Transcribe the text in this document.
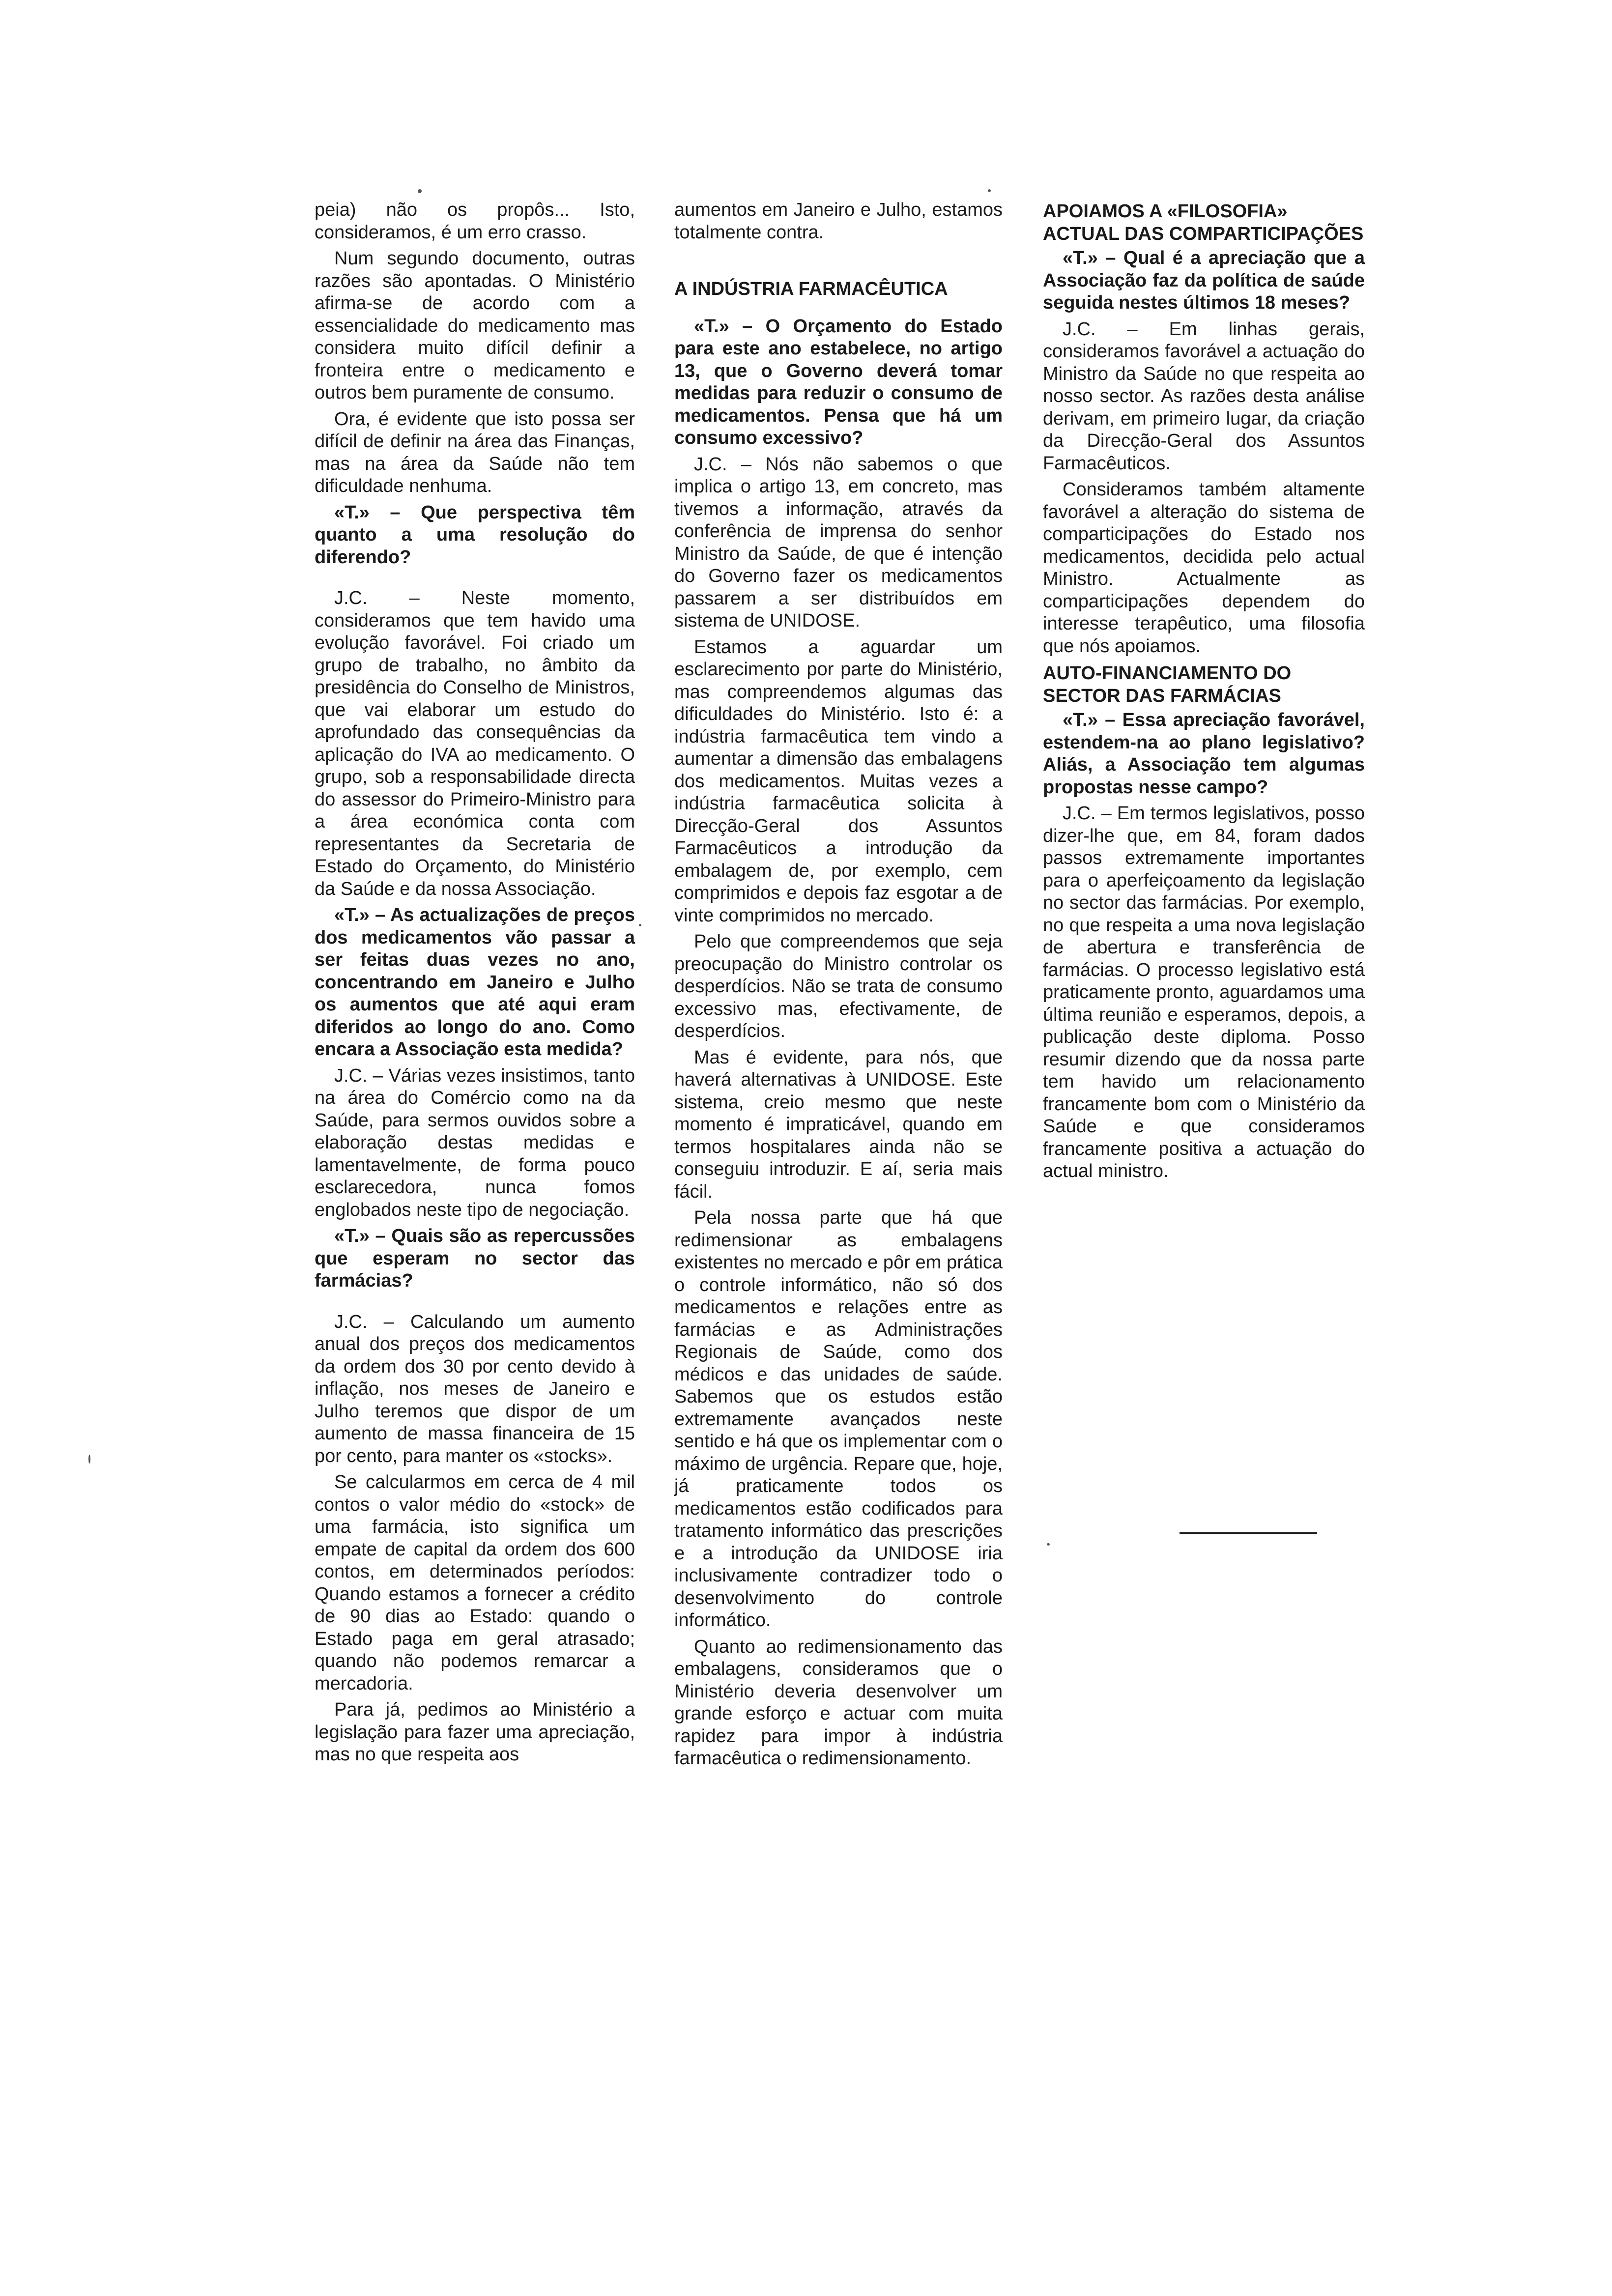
peia) não os propôs... Isto, consideramos, é um erro crasso.

Num segundo documento, outras razões são apontadas. O Ministério afirma-se de acordo com a essencialidade do medicamento mas considera muito difícil definir a fronteira entre o medicamento e outros bem puramente de consumo.

Ora, é evidente que isto possa ser difícil de definir na área das Finanças, mas na área da Saúde não tem dificuldade nenhuma.

«T.» – Que perspectiva têm quanto a uma resolução do diferendo?

J.C. – Neste momento, consideramos que tem havido uma evolução favorável. Foi criado um grupo de trabalho, no âmbito da presidência do Conselho de Ministros, que vai elaborar um estudo do aprofundado das consequências da aplicação do IVA ao medicamento. O grupo, sob a responsabilidade directa do assessor do Primeiro-Ministro para a área económica conta com representantes da Secretaria de Estado do Orçamento, do Ministério da Saúde e da nossa Associação.

«T.» – As actualizações de preços dos medicamentos vão passar a ser feitas duas vezes no ano, concentrando em Janeiro e Julho os aumentos que até aqui eram diferidos ao longo do ano. Como encara a Associação esta medida?

J.C. – Várias vezes insistimos, tanto na área do Comércio como na da Saúde, para sermos ouvidos sobre a elaboração destas medidas e lamentavelmente, de forma pouco esclarecedora, nunca fomos englobados neste tipo de negociação.

«T.» – Quais são as repercussões que esperam no sector das farmácias?

J.C. – Calculando um aumento anual dos preços dos medicamentos da ordem dos 30 por cento devido à inflação, nos meses de Janeiro e Julho teremos que dispor de um aumento de massa financeira de 15 por cento, para manter os «stocks».

Se calcularmos em cerca de 4 mil contos o valor médio do «stock» de uma farmácia, isto significa um empate de capital da ordem dos 600 contos, em determinados períodos: Quando estamos a fornecer a crédito de 90 dias ao Estado: quando o Estado paga em geral atrasado; quando não podemos remarcar a mercadoria.

Para já, pedimos ao Ministério a legislação para fazer uma apreciação, mas no que respeita aos

aumentos em Janeiro e Julho, estamos totalmente contra.

A INDÚSTRIA FARMACÊUTICA

«T.» – O Orçamento do Estado para este ano estabelece, no artigo 13, que o Governo deverá tomar medidas para reduzir o consumo de medicamentos. Pensa que há um consumo excessivo?

J.C. – Nós não sabemos o que implica o artigo 13, em concreto, mas tivemos a informação, através da conferência de imprensa do senhor Ministro da Saúde, de que é intenção do Governo fazer os medicamentos passarem a ser distribuídos em sistema de UNIDOSE.

Estamos a aguardar um esclarecimento por parte do Ministério, mas compreendemos algumas das dificuldades do Ministério. Isto é: a indústria farmacêutica tem vindo a aumentar a dimensão das embalagens dos medicamentos. Muitas vezes a indústria farmacêutica solicita à Direcção-Geral dos Assuntos Farmacêuticos a introdução da embalagem de, por exemplo, cem comprimidos e depois faz esgotar a de vinte comprimidos no mercado.

Pelo que compreendemos que seja preocupação do Ministro controlar os desperdícios. Não se trata de consumo excessivo mas, efectivamente, de desperdícios.

Mas é evidente, para nós, que haverá alternativas à UNIDOSE. Este sistema, creio mesmo que neste momento é impraticável, quando em termos hospitalares ainda não se conseguiu introduzir. E aí, seria mais fácil.

Pela nossa parte que há que redimensionar as embalagens existentes no mercado e pôr em prática o controle informático, não só dos medicamentos e relações entre as farmácias e as Administrações Regionais de Saúde, como dos médicos e das unidades de saúde. Sabemos que os estudos estão extremamente avançados neste sentido e há que os implementar com o máximo de urgência. Repare que, hoje, já praticamente todos os medicamentos estão codificados para tratamento informático das prescrições e a introdução da UNIDOSE iria inclusivamente contradizer todo o desenvolvimento do controle informático.

Quanto ao redimensionamento das embalagens, consideramos que o Ministério deveria desenvolver um grande esforço e actuar com muita rapidez para impor à indústria farmacêutica o redimensionamento.

APOIAMOS A «FILOSOFIA» ACTUAL DAS COMPARTICIPAÇÕES

«T.» – Qual é a apreciação que a Associação faz da política de saúde seguida nestes últimos 18 meses?

J.C. – Em linhas gerais, consideramos favorável a actuação do Ministro da Saúde no que respeita ao nosso sector. As razões desta análise derivam, em primeiro lugar, da criação da Direcção-Geral dos Assuntos Farmacêuticos.

Consideramos também altamente favorável a alteração do sistema de comparticipações do Estado nos medicamentos, decidida pelo actual Ministro. Actualmente as comparticipações dependem do interesse terapêutico, uma filosofia que nós apoiamos.

AUTO-FINANCIAMENTO DO SECTOR DAS FARMÁCIAS

«T.» – Essa apreciação favorável, estendem-na ao plano legislativo? Aliás, a Associação tem algumas propostas nesse campo?

J.C. – Em termos legislativos, posso dizer-lhe que, em 84, foram dados passos extremamente importantes para o aperfeiçoamento da legislação no sector das farmácias. Por exemplo, no que respeita a uma nova legislação de abertura e transferência de farmácias. O processo legislativo está praticamente pronto, aguardamos uma última reunião e esperamos, depois, a publicação deste diploma. Posso resumir dizendo que da nossa parte tem havido um relacionamento francamente bom com o Ministério da Saúde e que consideramos francamente positiva a actuação do actual ministro.
